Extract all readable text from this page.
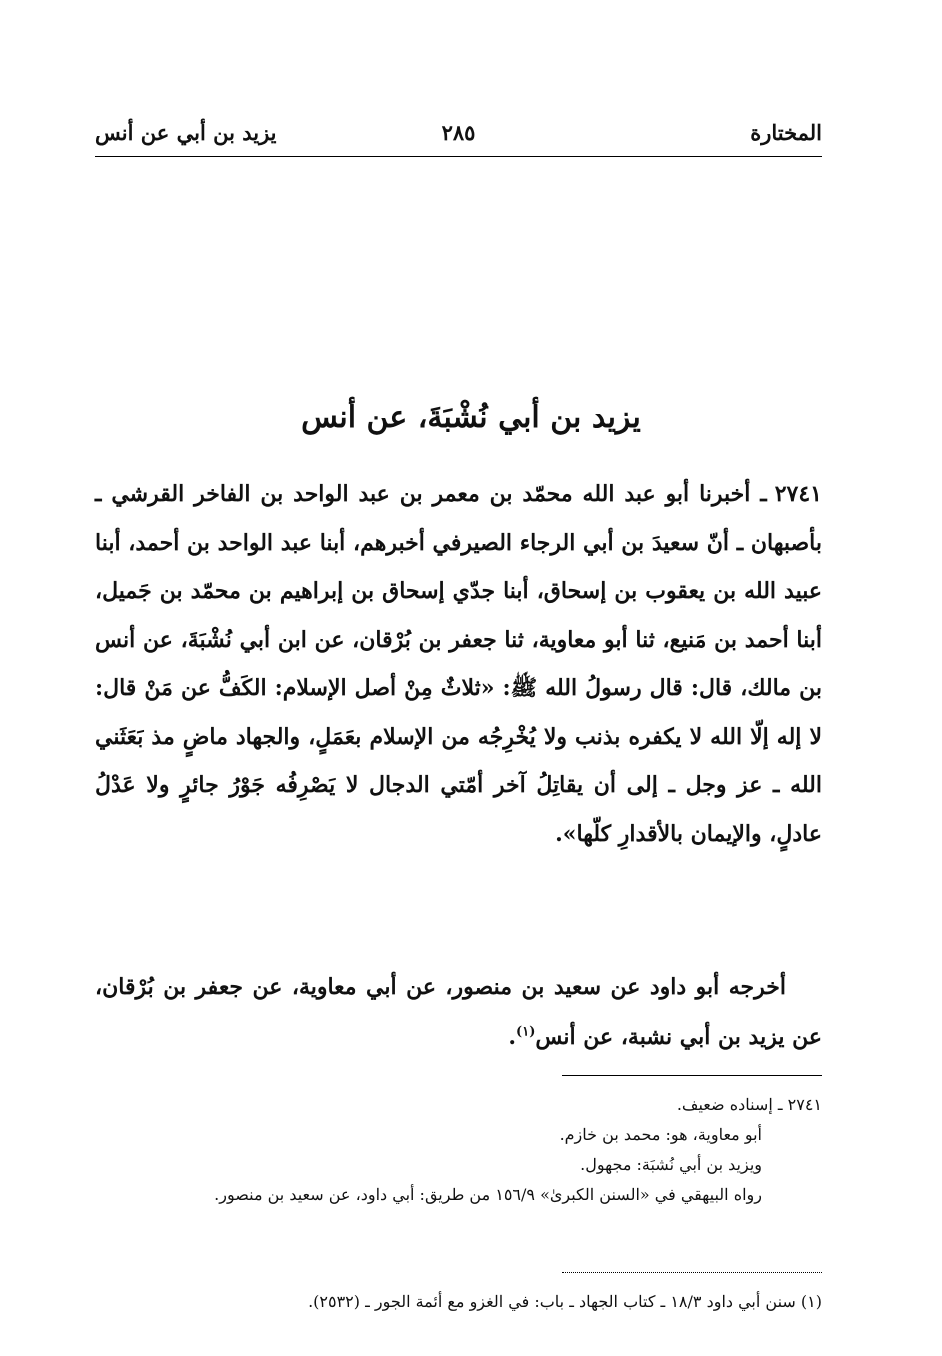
المختارة
٢٨٥
يزيد بن أبي عن أنس
يزيد بن أبي نُشْبَةَ، عن أنس

٢٧٤١ـ أخبرنا أبو عبد الله محمّد بن معمر بن عبد الواحد بن الفاخر القرشي ـ بأصبهان ـ أنّ سعيدَ بن أبي الرجاء الصيرفي أخبرهم، أبنا عبد الواحد بن أحمد، أبنا عبيد الله بن يعقوب بن إسحاق، أبنا جدّي إسحاق بن إبراهيم بن محمّد بن جَميل، أبنا أحمد بن مَنيع، ثنا أبو معاوية، ثنا جعفر بن بُرْقان، عن ابن أبي نُشْبَةَ، عن أنس بن مالك، قال: قال رسولُ الله ﷺ: «ثلاثٌ مِنْ أصل الإسلام: الكَفُّ عن مَنْ قال: لا إله إلّا الله لا يكفره بذنب ولا يُخْرِجُه من الإسلام بعَمَلٍ، والجهاد ماضٍ مذ بَعَثَني الله ـ عز وجل ـ إلى أن يقاتِلُ آخر أمّتي الدجال لا يَصْرِفُه جَوْرُ جائرٍ ولا عَدْلُ عادلٍ، والإيمان بالأقدارِ كلّها».

أخرجه أبو داود عن سعيد بن منصور، عن أبي معاوية، عن جعفر بن بُرْقان، عن يزيد بن أبي نشبة، عن أنس$^{(١)}$.

٢٧٤١ ـ إسناده ضعيف.

أبو معاوية، هو: محمد بن خازم.

ويزيد بن أبي نُشبَة: مجهول.

رواه البيهقي في «السنن الكبرىٰ» ١٥٦/٩ من طريق: أبي داود، عن سعيد بن منصور.

(١) سنن أبي داود ١٨/٣ ـ كتاب الجهاد ـ باب: في الغزو مع أئمة الجور ـ (٢٥٣٢).
